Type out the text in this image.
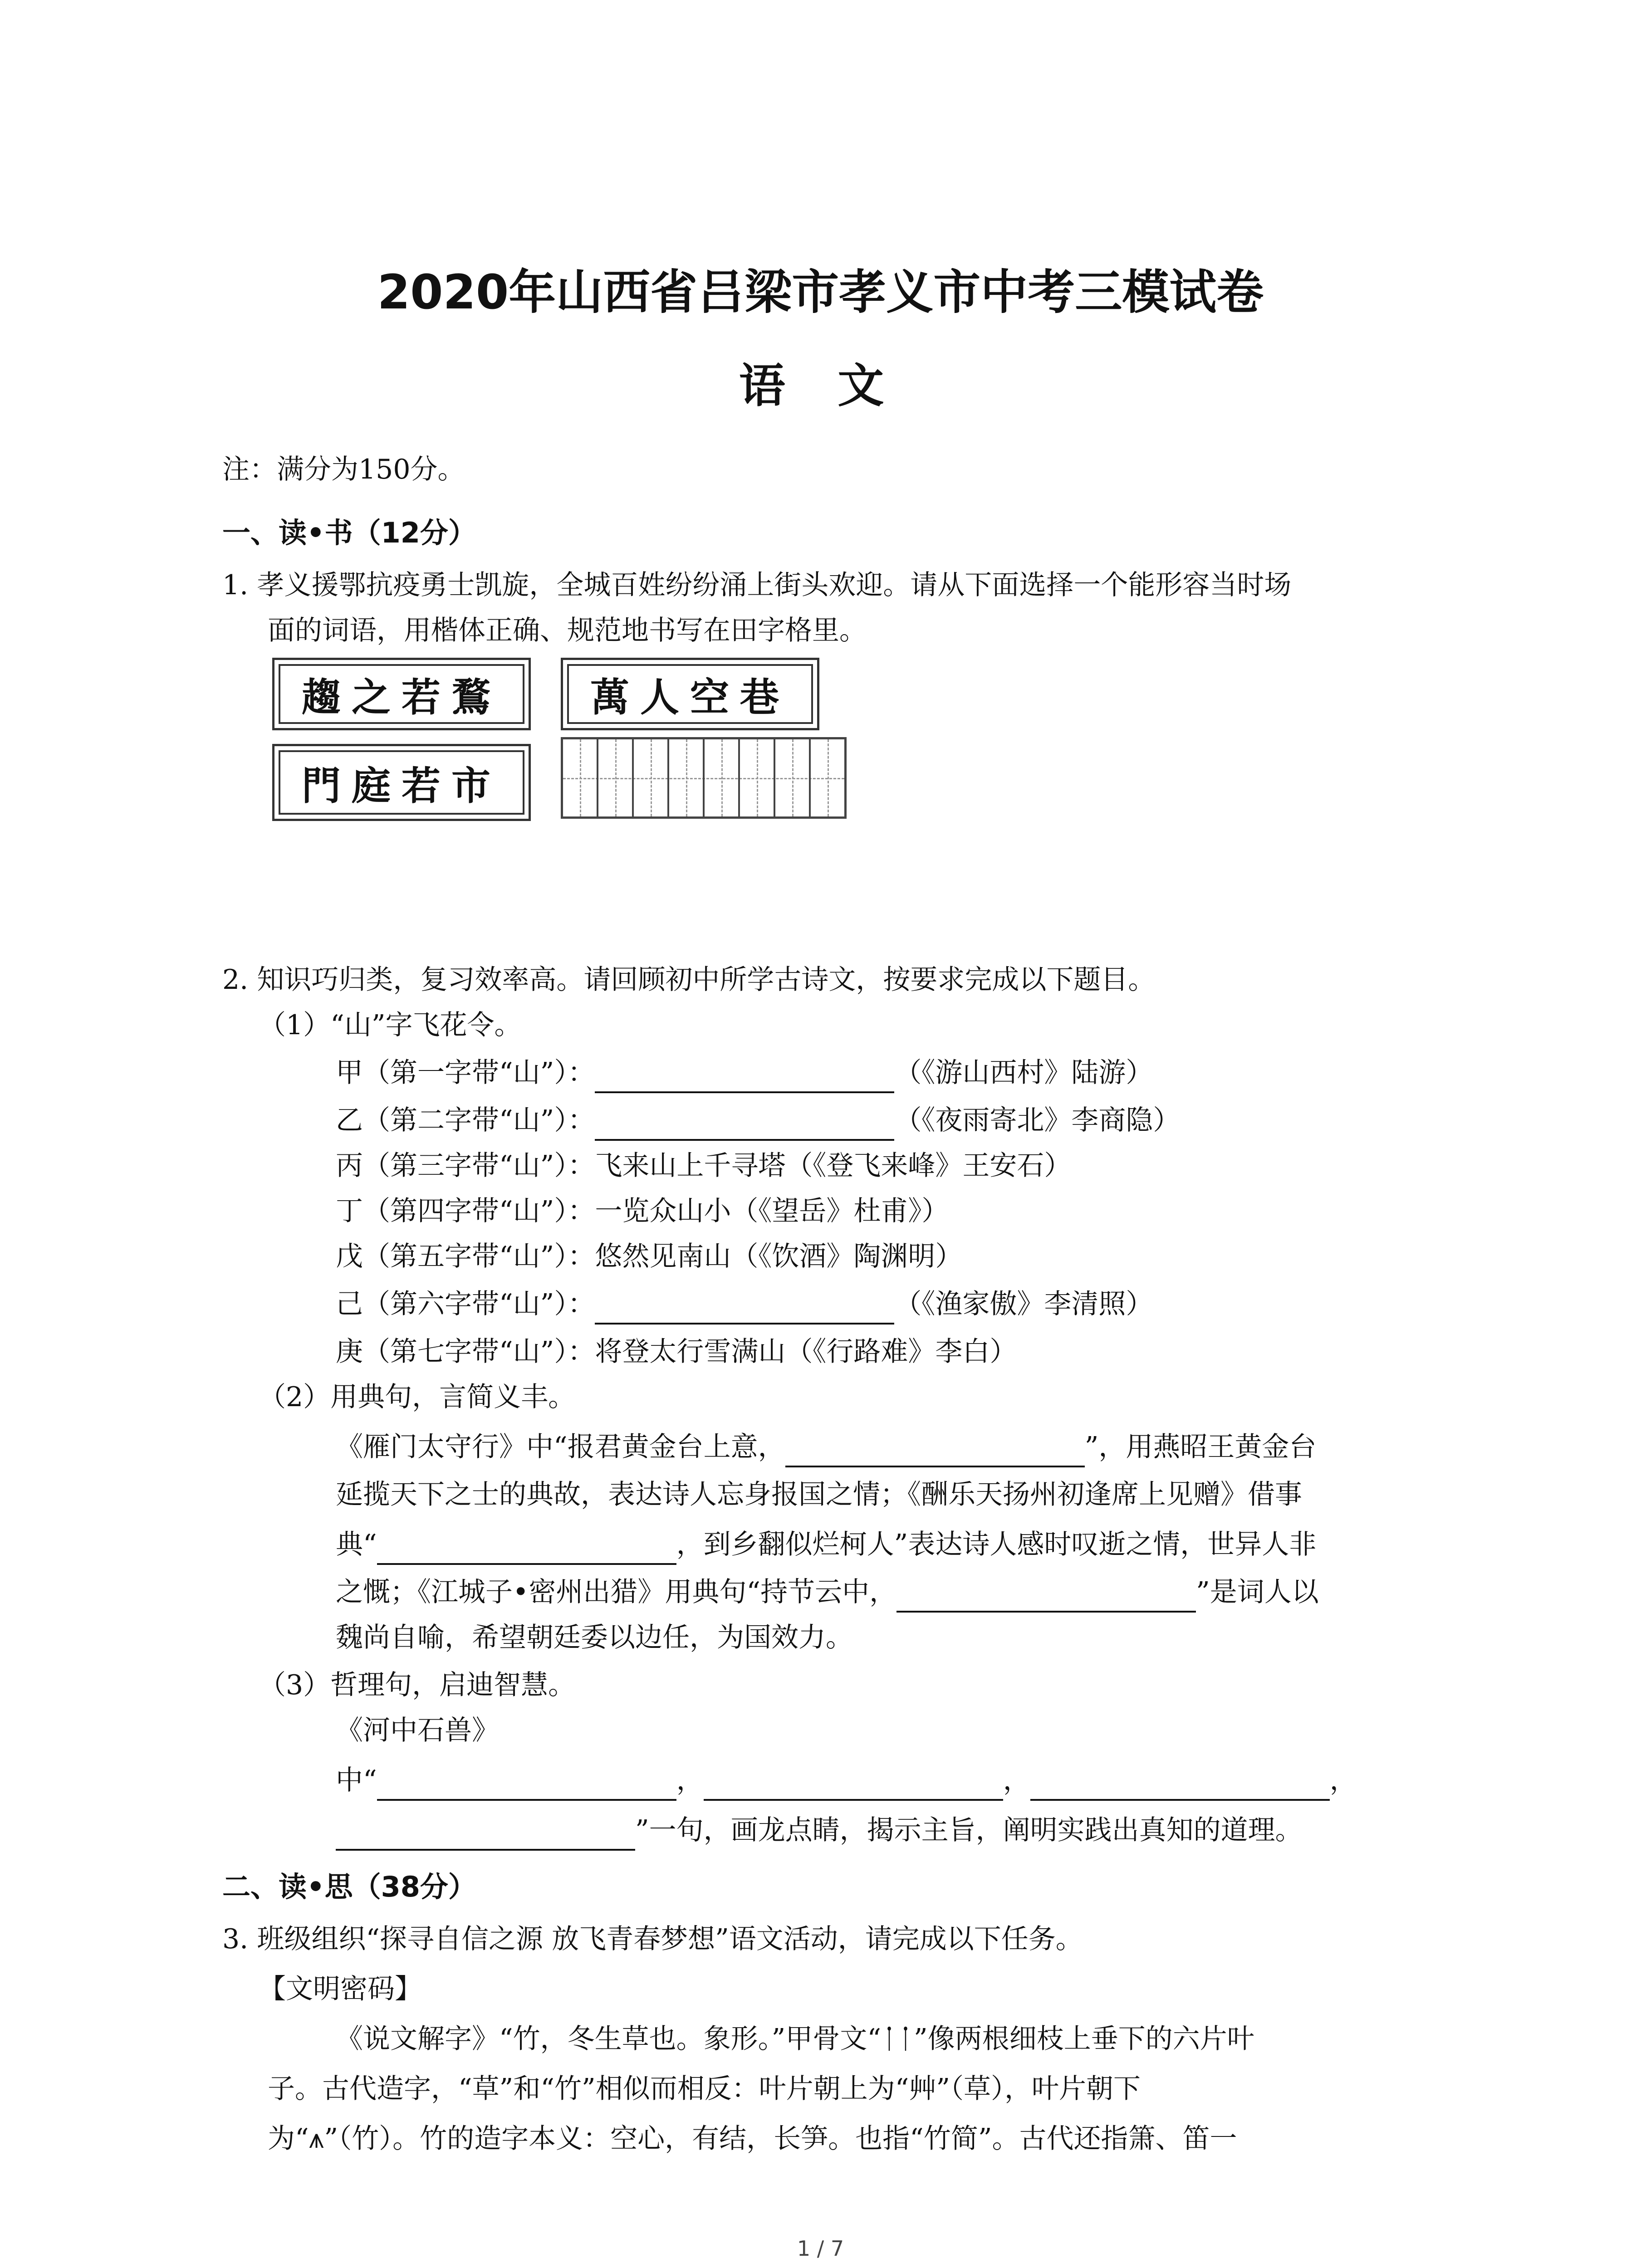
2020年山西省吕梁市孝义市中考三模试卷
语 文
注：满分为150分。
一、读•书（12分）
1. 孝义援鄂抗疫勇士凯旋，全城百姓纷纷涌上街头欢迎。请从下面选择一个能形容当时场
面的词语，用楷体正确、规范地书写在田字格里。
趨之若鶩	萬人空巷
門庭若市
2. 知识巧归类，复习效率高。请回顾初中所学古诗文，按要求完成以下题目。
（1）“山”字飞花令。
甲（第一字带“山”）：	（《游山西村》陆游）
乙（第二字带“山”）：	（《夜雨寄北》李商隐）
丙（第三字带“山”）：飞来山上千寻塔（《登飞来峰》王安石）
丁（第四字带“山”）：一览众山小（《望岳》杜甫》）
戊（第五字带“山”）：悠然见南山（《饮酒》陶渊明）
己（第六字带“山”）：	（《渔家傲》李清照）
庚（第七字带“山”）：将登太行雪满山（《行路难》李白）
（2）用典句，言简义丰。
《雁门太守行》中“报君黄金台上意，	”，用燕昭王黄金台
延揽天下之士的典故，表达诗人忘身报国之情；《酬乐天扬州初逢席上见赠》借事
典“	，到乡翻似烂柯人”表达诗人感时叹逝之情，世异人非
之慨；《江城子•密州出猎》用典句“持节云中，	”是词人以
魏尚自喻，希望朝廷委以边任，为国效力。
（3）哲理句，启迪智慧。
《河中石兽》
中“	，	，	，
”一句，画龙点睛，揭示主旨，阐明实践出真知的道理。
二、读•思（38分）
3. 班级组织“探寻自信之源 放飞青春梦想”语文活动，请完成以下任务。
【文明密码】
《说文解字》“竹，冬生草也。象形。”甲骨文“ᛙᛙ”像两根细枝上垂下的六片叶
子。古代造字，“草”和“竹”相似而相反：叶片朝上为“艸”（草），叶片朝下
为“⩚”（竹）。竹的造字本义：空心，有结，长笋。也指“竹简”。古代还指箫、笛一
1 / 7
